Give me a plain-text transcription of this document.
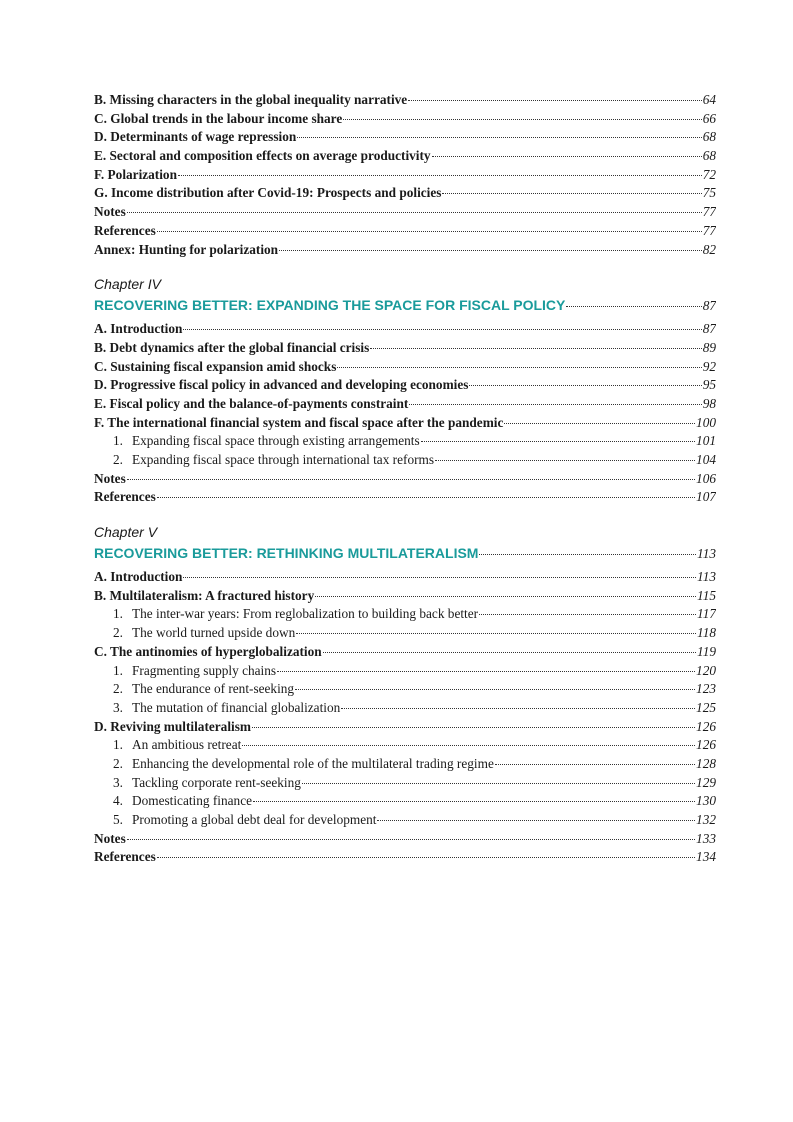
B. Missing characters in the global inequality narrative	64
C. Global trends in the labour income share	66
D. Determinants of wage repression	68
E. Sectoral and composition effects on average productivity	68
F. Polarization	72
G. Income distribution after Covid-19: Prospects and policies	75
Notes	77
References	77
Annex: Hunting for polarization	82
Chapter IV
RECOVERING BETTER: EXPANDING THE SPACE FOR FISCAL POLICY	87
A. Introduction	87
B. Debt dynamics after the global financial crisis	89
C. Sustaining fiscal expansion amid shocks	92
D. Progressive fiscal policy in advanced and developing economies	95
E. Fiscal policy and the balance-of-payments constraint	98
F. The international financial system and fiscal space after the pandemic	100
1. Expanding fiscal space through existing arrangements	101
2. Expanding fiscal space through international tax reforms	104
Notes	106
References	107
Chapter V
RECOVERING BETTER: RETHINKING MULTILATERALISM	113
A. Introduction	113
B. Multilateralism: A fractured history	115
1. The inter-war years: From reglobalization to building back better	117
2. The world turned upside down	118
C. The antinomies of hyperglobalization	119
1. Fragmenting supply chains	120
2. The endurance of rent-seeking	123
3. The mutation of financial globalization	125
D. Reviving multilateralism	126
1. An ambitious retreat	126
2. Enhancing the developmental role of the multilateral trading regime	128
3. Tackling corporate rent-seeking	129
4. Domesticating finance	130
5. Promoting a global debt deal for development	132
Notes	133
References	134
